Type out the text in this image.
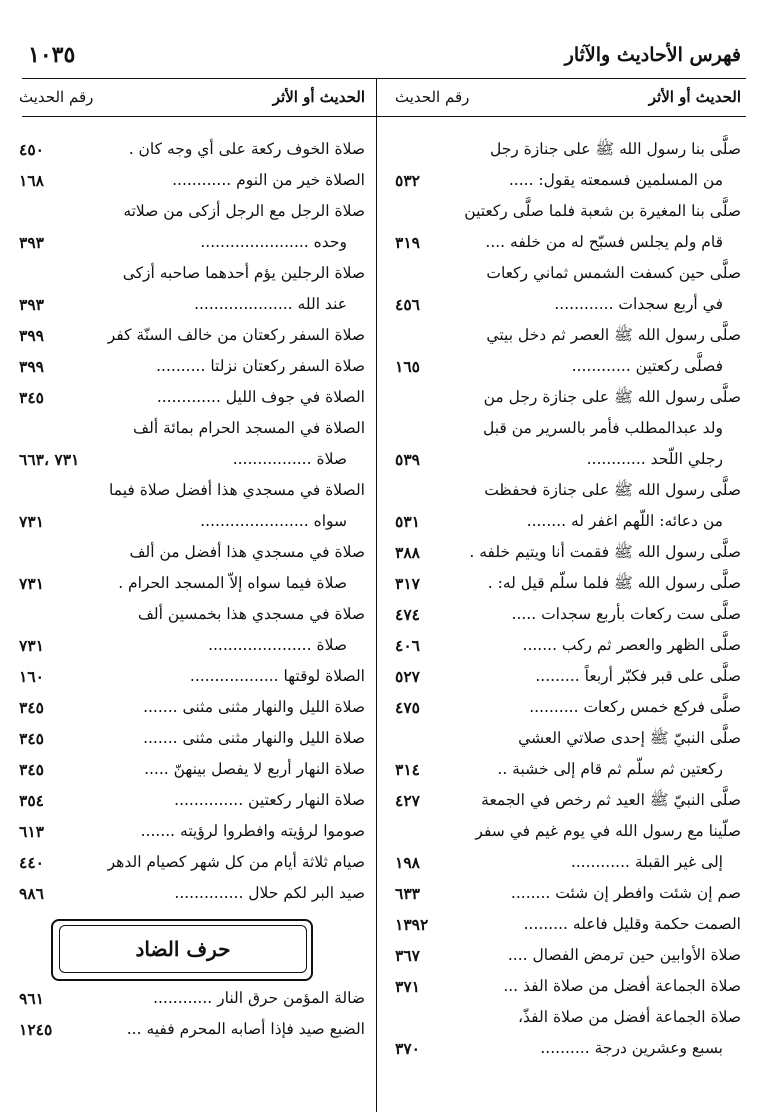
١٠٣٥	فهرس الأحاديث والآثار
الحديث أو الأثر
رقم الحديث
الحديث أو الأثر
رقم الحديث
صلَّى بنا رسول الله ﷺ على جنازة رجل
من المسلمين فسمعته يقول: .....
٥٣٢
صلَّى بنا المغيرة بن شعبة فلما صلَّى ركعتين
قام ولم يجلس فسبّح له من خلفه ....
٣١٩
صلَّى حين كسفت الشمس ثماني ركعات
في أربع سجدات ............
٤٥٦
صلَّى رسول الله ﷺ العصر ثم دخل بيتي
فصلَّى ركعتين ............
١٦٥
صلَّى رسول الله ﷺ على جنازة رجل من
ولد عبدالمطلب فأمر بالسرير من قبل
رجلي اللّحد ............
٥٣٩
صلَّى رسول الله ﷺ على جنازة فحفظت
من دعائه: اللّهم اغفر له ........
٥٣١
صلَّى رسول الله ﷺ فقمت أنا ويتيم خلفه .
٣٨٨
صلَّى رسول الله ﷺ فلما سلّم قيل له: .
٣١٧
صلَّى ست ركعات بأربع سجدات .....
٤٧٤
صلَّى الظهر والعصر ثم ركب .......
٤٠٦
صلَّى على قبر فكبّر أربعاً .........
٥٢٧
صلَّى فركع خمس ركعات ..........
٤٧٥
صلَّى النبيّ ﷺ إحدى صلاتي العشي
ركعتين ثم سلّم ثم قام إلى خشبة ..
٣١٤
صلَّى النبيّ ﷺ العيد ثم رخص في الجمعة
٤٢٧
صلّينا مع رسول الله في يوم غيم في سفر
إلى غير القبلة ............
١٩٨
صم إن شئت وافطر إن شئت ........
٦٣٣
الصمت حكمة وقليل فاعله .........
١٣٩٢
صلاة الأوابين حين ترمض الفصال ....
٣٦٧
صلاة الجماعة أفضل من صلاة الفذ ...
٣٧١
صلاة الجماعة أفضل من صلاة الفذّ،
بسبع وعشرين درجة ..........
٣٧٠
صلاة الخوف ركعة على أي وجه كان .
٤٥٠
الصلاة خير من النوم ............
١٦٨
صلاة الرجل مع الرجل أزكى من صلاته
وحده ......................
٣٩٣
صلاة الرجلين يؤم أحدهما صاحبه أزكى
عند الله ....................
٣٩٣
صلاة السفر ركعتان من خالف السنّة كفر
٣٩٩
صلاة السفر ركعتان نزلتا ..........
٣٩٩
الصلاة في جوف الليل .............
٣٤٥
الصلاة في المسجد الحرام بمائة ألف
صلاة ................
٧٣١ ،٦٦٣
الصلاة في مسجدي هذا أفضل صلاة فيما
سواه ......................
٧٣١
صلاة في مسجدي هذا أفضل من ألف
صلاة فيما سواه إلاّ المسجد الحرام .
٧٣١
صلاة في مسجدي هذا بخمسين ألف
صلاة .....................
٧٣١
الصلاة لوقتها ..................
١٦٠
صلاة الليل والنهار مثنى مثنى .......
٣٤٥
صلاة الليل والنهار مثنى مثنى .......
٣٤٥
صلاة النهار أربع لا يفصل بينهنّ .....
٣٤٥
صلاة النهار ركعتين ..............
٣٥٤
صوموا لرؤيته وافطروا لرؤيته .......
٦١٣
صيام ثلاثة أيام من كل شهر كصيام الدهر
٤٤٠
صيد البر لكم حلال ..............
٩٨٦
حرف الضاد
ضالة المؤمن حرق النار ............
٩٦١
الضبع صيد فإذا أصابه المحرم ففيه ...
١٢٤٥
